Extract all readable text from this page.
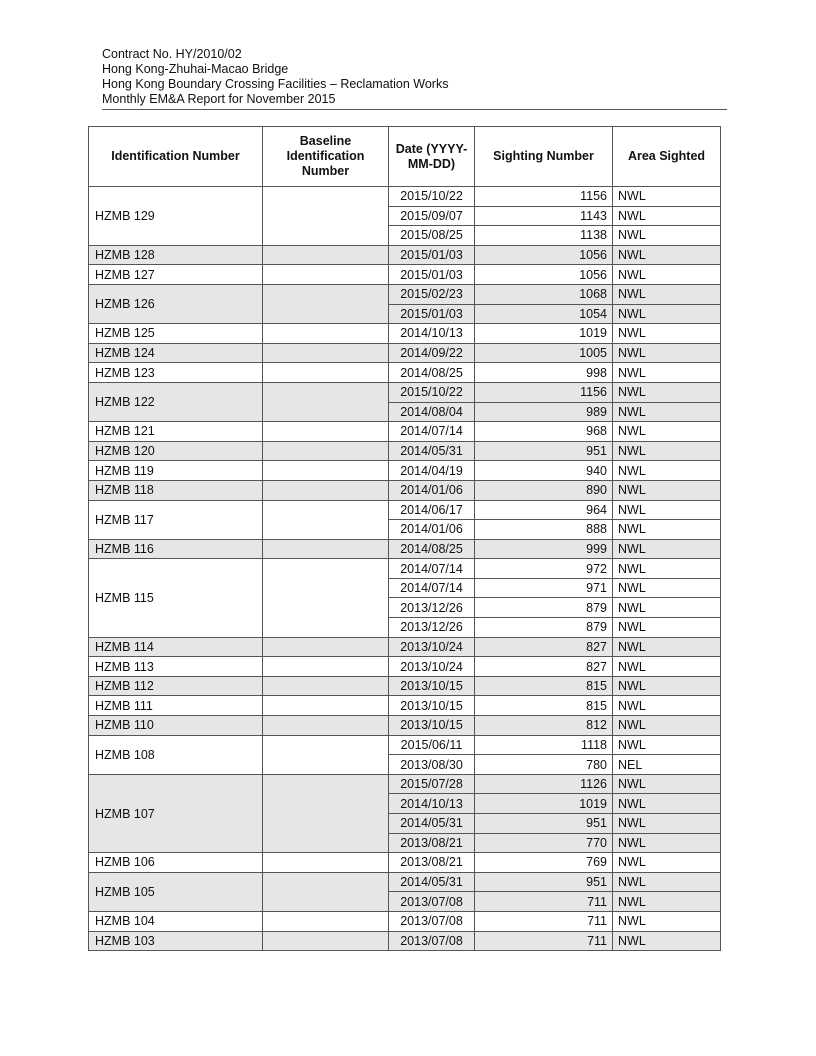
Contract No. HY/2010/02
Hong Kong-Zhuhai-Macao Bridge
Hong Kong Boundary Crossing Facilities – Reclamation Works
Monthly EM&A Report for November 2015
Identification Number	Baseline Identification Number	Date (YYYY-MM-DD)	Sighting Number	Area Sighted
HZMB 129		2015/10/22	1156	NWL
		2015/09/07	1143	NWL
		2015/08/25	1138	NWL
HZMB 128		2015/01/03	1056	NWL
HZMB 127		2015/01/03	1056	NWL
HZMB 126		2015/02/23	1068	NWL
		2015/01/03	1054	NWL
HZMB 125		2014/10/13	1019	NWL
HZMB 124		2014/09/22	1005	NWL
HZMB 123		2014/08/25	998	NWL
HZMB 122		2015/10/22	1156	NWL
		2014/08/04	989	NWL
HZMB 121		2014/07/14	968	NWL
HZMB 120		2014/05/31	951	NWL
HZMB 119		2014/04/19	940	NWL
HZMB 118		2014/01/06	890	NWL
HZMB 117		2014/06/17	964	NWL
		2014/01/06	888	NWL
HZMB 116		2014/08/25	999	NWL
HZMB 115		2014/07/14	972	NWL
		2014/07/14	971	NWL
		2013/12/26	879	NWL
		2013/12/26	879	NWL
HZMB 114		2013/10/24	827	NWL
HZMB 113		2013/10/24	827	NWL
HZMB 112		2013/10/15	815	NWL
HZMB 111		2013/10/15	815	NWL
HZMB 110		2013/10/15	812	NWL
HZMB 108		2015/06/11	1118	NWL
		2013/08/30	780	NEL
HZMB 107		2015/07/28	1126	NWL
		2014/10/13	1019	NWL
		2014/05/31	951	NWL
		2013/08/21	770	NWL
HZMB 106		2013/08/21	769	NWL
HZMB 105		2014/05/31	951	NWL
		2013/07/08	711	NWL
HZMB 104		2013/07/08	711	NWL
HZMB 103		2013/07/08	711	NWL
